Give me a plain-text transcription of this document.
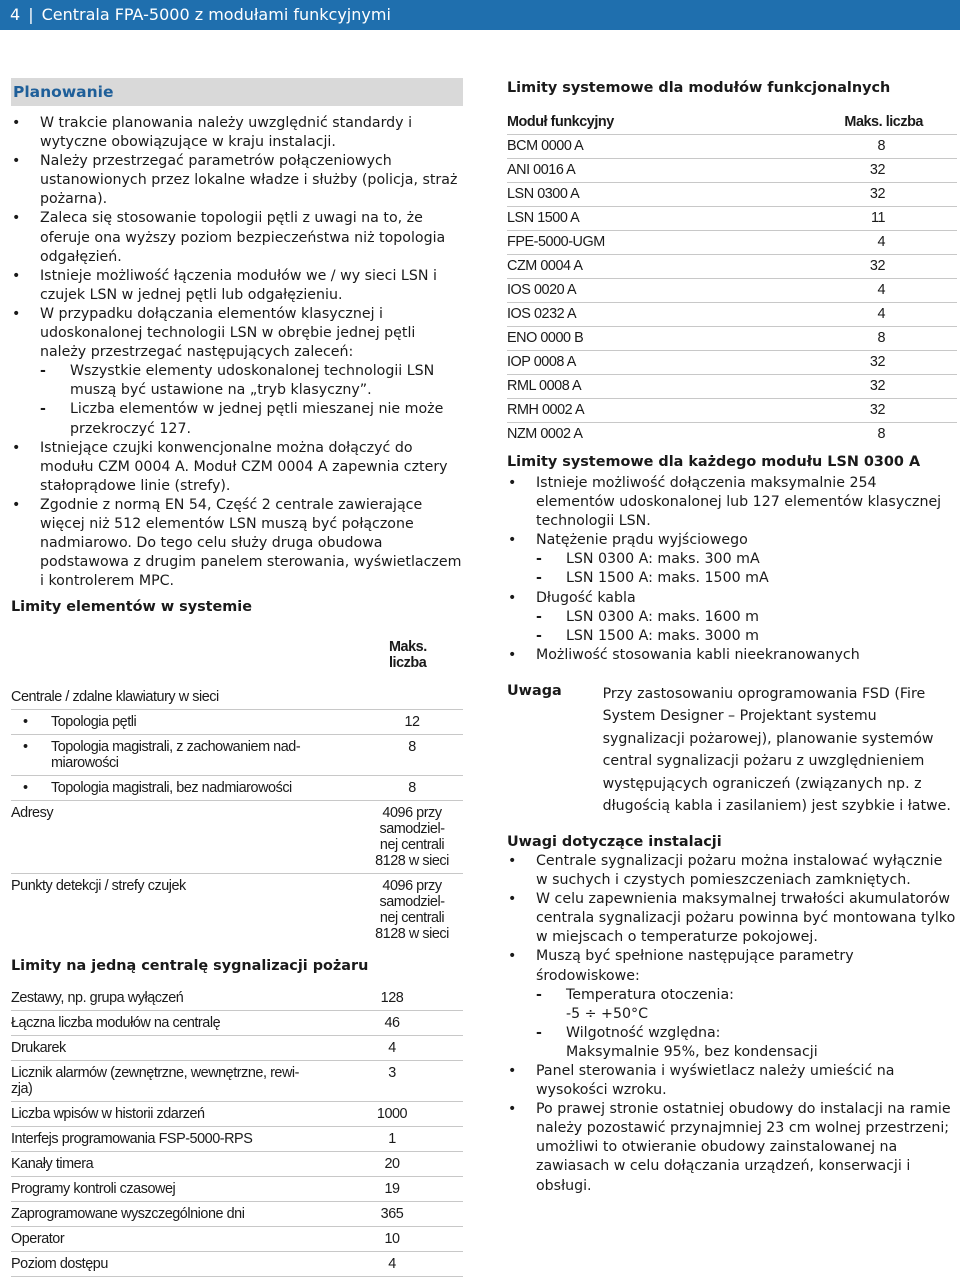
4 | Centrala FPA-5000 z modułami funkcyjnymi
Planowanie
• W trakcie planowania należy uwzględnić standardy i wytyczne obowiązujące w kraju instalacji.
• Należy przestrzegać parametrów połączeniowych ustanowionych przez lokalne władze i służby (policja, straż pożarna).
• Zaleca się stosowanie topologii pętli z uwagi na to, że oferuje ona wyższy poziom bezpieczeństwa niż topologia odgałęzień.
• Istnieje możliwość łączenia modułów we / wy sieci LSN i czujek LSN w jednej pętli lub odgałęzieniu.
• W przypadku dołączania elementów klasycznej i udoskonalonej technologii LSN w obrębie jednej pętli należy przestrzegać następujących zaleceń:
- Wszystkie elementy udoskonalonej technologii LSN muszą być ustawione na „tryb klasyczny”.
- Liczba elementów w jednej pętli mieszanej nie może przekroczyć 127.
• Istniejące czujki konwencjonalne można dołączyć do modułu CZM 0004 A. Moduł CZM 0004 A zapewnia cztery stałoprądowe linie (strefy).
• Zgodnie z normą EN 54, Część 2 centrale zawierające więcej niż 512 elementów LSN muszą być połączone nadmiarowo. Do tego celu służy druga obudowa podstawowa z drugim panelem sterowania, wyświetlaczem i kontrolerem MPC.
Limity elementów w systemie
	Maks. liczba
Centrale / zdalne klawiatury w sieci	

• Topologia pętli	12

• Topologia magistrali, z zachowaniem nad-
miarowości	8

• Topologia magistrali, bez nadmiarowości	8
Adresy	4096 przy samodziel-
nej centrali
8128 w sieci
Punkty detekcji / strefy czujek	4096 przy samodziel-
nej centrali
8128 w sieci
Limity na jedną centralę sygnalizacji pożaru
Zestawy, np. grupa wyłączeń	128
Łączna liczba modułów na centralę	46
Drukarek	4
Licznik alarmów (zewnętrzne, wewnętrzne, rewi-
zja)	3
Liczba wpisów w historii zdarzeń	1000
Interfejs programowania FSP-5000-RPS	1
Kanały timera	20
Programy kontroli czasowej	19
Zaprogramowane wyszczególnione dni	365
Operator	10
Poziom dostępu	4
Limity systemowe dla modułów funkcjonalnych
Moduł funkcyjny	Maks. liczba
BCM 0000 A	8
ANI 0016 A	32
LSN 0300 A	32
LSN 1500 A	11
FPE-5000-UGM	4
CZM 0004 A	32
IOS 0020 A	4
IOS 0232 A	4
ENO 0000 B	8
IOP 0008 A	32
RML 0008 A	32
RMH 0002 A	32
NZM 0002 A	8
Limity systemowe dla każdego modułu LSN 0300 A
• Istnieje możliwość dołączenia maksymalnie 254 elementów udoskonalonej lub 127 elementów klasycznej technologii LSN.
• Natężenie prądu wyjściowego
- LSN 0300 A: maks. 300 mA
- LSN 1500 A: maks. 1500 mA
• Długość kabla
- LSN 0300 A: maks. 1600 m
- LSN 1500 A: maks. 3000 m
• Możliwość stosowania kabli nieekranowanych
Uwaga	Przy zastosowaniu oprogramowania FSD (Fire System Designer – Projektant systemu sygnalizacji pożarowej), planowanie systemów central sygnalizacji pożaru z uwzględnieniem występujących ograniczeń (związanych np. z długością kabla i zasilaniem) jest szybkie i łatwe.
Uwagi dotyczące instalacji
• Centrale sygnalizacji pożaru można instalować wyłącznie w suchych i czystych pomieszczeniach zamkniętych.
• W celu zapewnienia maksymalnej trwałości akumulatorów centrala sygnalizacji pożaru powinna być montowana tylko w miejscach o temperaturze pokojowej.
• Muszą być spełnione następujące parametry środowiskowe:
- Temperatura otoczenia:
-5 ÷ +50°C
- Wilgotność względna:
Maksymalnie 95%, bez kondensacji
• Panel sterowania i wyświetlacz należy umieścić na wysokości wzroku.
• Po prawej stronie ostatniej obudowy do instalacji na ramie należy pozostawić przynajmniej 23 cm wolnej przestrzeni; umożliwi to otwieranie obudowy zainstalowanej na zawiasach w celu dołączania urządzeń, konserwacji i obsługi.
